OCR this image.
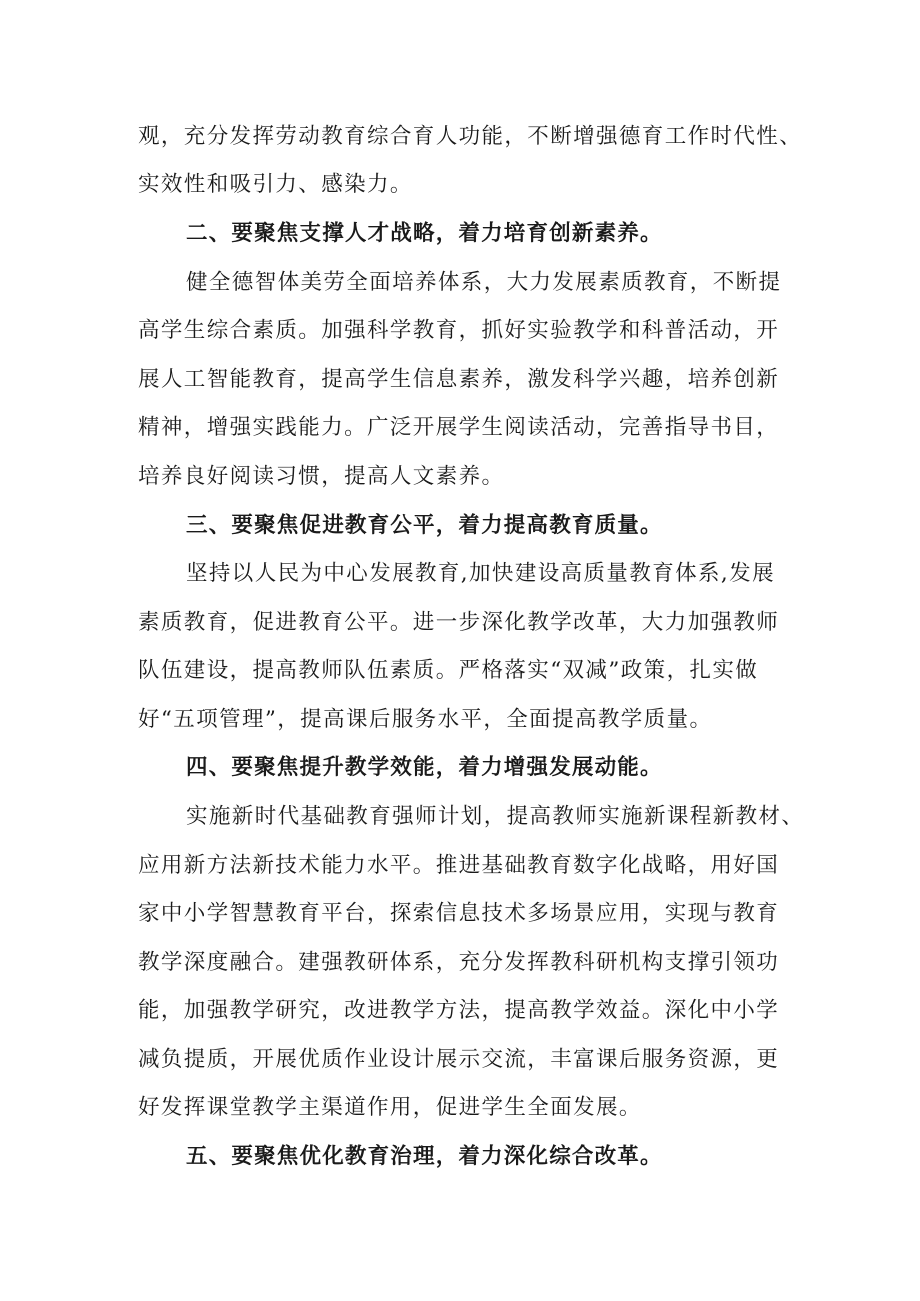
观，充分发挥劳动教育综合育人功能，不断增强德育工作时代性、
实效性和吸引力、感染力。
二、要聚焦支撑人才战略，着力培育创新素养。
健全德智体美劳全面培养体系，大力发展素质教育，不断提
高学生综合素质。加强科学教育，抓好实验教学和科普活动，开
展人工智能教育，提高学生信息素养，激发科学兴趣，培养创新
精神，增强实践能力。广泛开展学生阅读活动，完善指导书目，
培养良好阅读习惯，提高人文素养。
三、要聚焦促进教育公平，着力提高教育质量。
坚持以人民为中心发展教育,加快建设高质量教育体系,发展
素质教育，促进教育公平。进一步深化教学改革，大力加强教师
队伍建设，提高教师队伍素质。严格落实“双减”政策，扎实做
好“五项管理”，提高课后服务水平，全面提高教学质量。
四、要聚焦提升教学效能，着力增强发展动能。
实施新时代基础教育强师计划，提高教师实施新课程新教材、
应用新方法新技术能力水平。推进基础教育数字化战略，用好国
家中小学智慧教育平台，探索信息技术多场景应用，实现与教育
教学深度融合。建强教研体系，充分发挥教科研机构支撑引领功
能，加强教学研究，改进教学方法，提高教学效益。深化中小学
减负提质，开展优质作业设计展示交流，丰富课后服务资源，更
好发挥课堂教学主渠道作用，促进学生全面发展。
五、要聚焦优化教育治理，着力深化综合改革。
